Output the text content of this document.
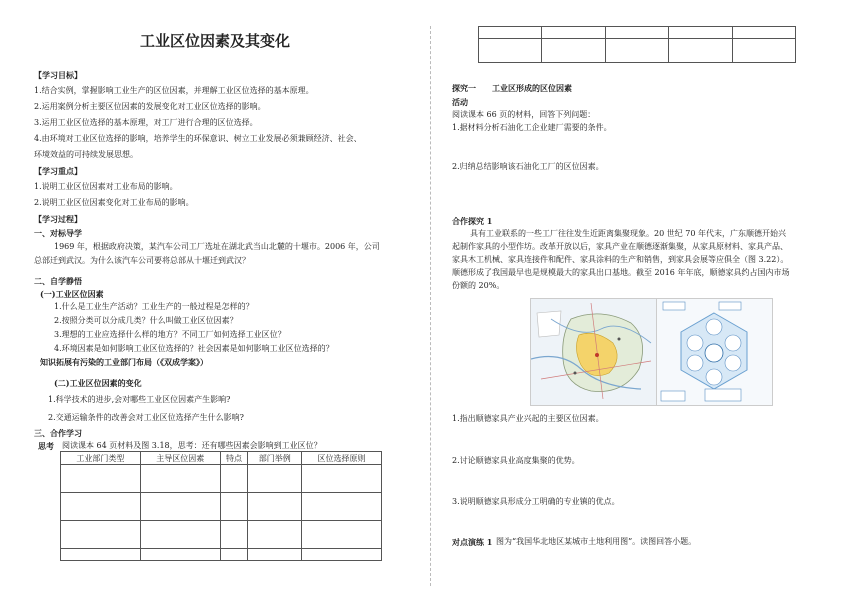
工业区位因素及其变化
【学习目标】
1.结合实例，掌握影响工业生产的区位因素，并理解工业区位选择的基本原理。
2.运用案例分析主要区位因素的发展变化对工业区位选择的影响。
3.运用工业区位选择的基本原理，对工厂进行合理的区位选择。
4.由环境对工业区位选择的影响，培养学生的环保意识、树立工业发展必须兼顾经济、社会、
环境效益的可持续发展思想。
【学习重点】
1.说明工业区位因素对工业布局的影响。
2.说明工业区位因素变化对工业布局的影响。
【学习过程】
一、对标导学
1969 年，根据政府决策，某汽车公司工厂选址在湖北武当山北麓的十堰市。2006 年，公司
总部迁到武汉。为什么该汽车公司要将总部从十堰迁到武汉？
二、自学静悟
(一)工业区位因素
1.什么是工业生产活动？工业生产的一般过程是怎样的？
2.按照分类可以分成几类？什么叫做工业区位因素？
3.理想的工业应选择什么样的地方？不同工厂如何选择工业区位？
4.环境因素是如何影响工业区位选择的？社会因素是如何影响工业区位选择的？
知识拓展有污染的工业部门布局（《双成学案》）
(二)工业区位因素的变化
1.科学技术的进步,会对哪些工业区位因素产生影响?
2.交通运输条件的改善会对工业区位选择产生什么影响?
三、合作学习
思考 阅读课本 64 页材料及图 3.18，思考：还有哪些因素会影响到工业区位？
工业部门类型	主导区位因素	特点	部门举例	区位选择原则

探究一　　工业区形成的区位因素
活动
阅读课本 66 页的材料，回答下列问题：
1.据材料分析石油化工企业建厂需要的条件。
2.归纳总结影响该石油化工厂的区位因素。
合作探究 1
具有工业联系的一些工厂往往发生近距离集聚现象。20 世纪 70 年代末，广东顺德开始兴
起制作家具的小型作坊。改革开放以后，家具产业在顺德逐渐集聚，从家具原材料、家具产品、
家具木工机械、家具连接件和配件、家具涂料的生产和销售，到家具会展等应俱全（图 3.22）。
顺德形成了我国最早也是规模最大的家具出口基地。截至 2016 年年底，顺德家具约占国内市场
份额的 20%。
1.指出顺德家具产业兴起的主要区位因素。
2.讨论顺德家具业高度集聚的优势。
3.说明顺德家具形成分工明确的专业镇的优点。
对点演练 1 图为“我国华北地区某城市土地利用图”。读图回答小题。
